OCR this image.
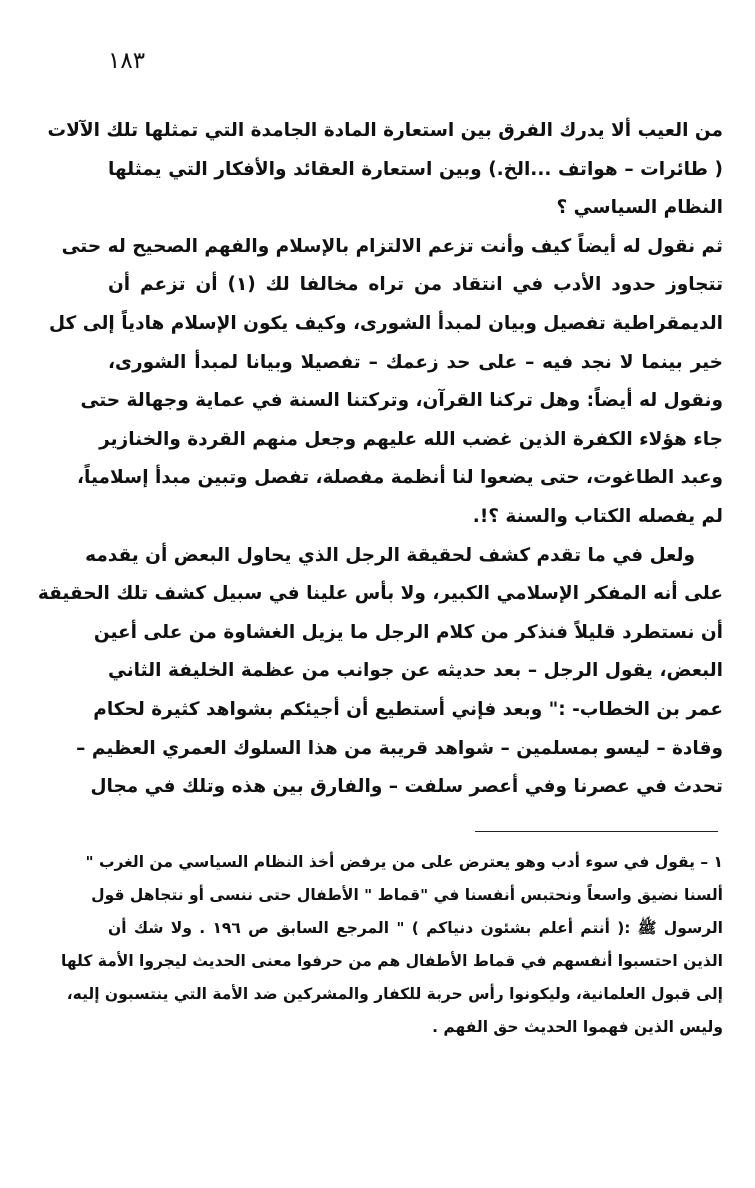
١٨٣
من العيب ألا يدرك الفرق بين استعارة المادة الجامدة التي تمثلها تلك الآلات
( طائرات – هواتف ...الخ.) وبين استعارة العقائد والأفكار التي يمثلها
النظام السياسي ؟
ثم نقول له أيضاً كيف وأنت تزعم الالتزام بالإسلام والفهم الصحيح له حتى
تتجاوز حدود الأدب في انتقاد من تراه مخالفا لك (١) أن تزعم أن
الديمقراطية تفصيل وبيان لمبدأ الشورى، وكيف يكون الإسلام هادياً إلى كل
خير بينما لا نجد فيه – على حد زعمك – تفصيلا وبيانا لمبدأ الشورى،
ونقول له أيضاً: وهل تركنا القرآن، وتركتنا السنة في عماية وجهالة حتى
جاء هؤلاء الكفرة الذين غضب الله عليهم وجعل منهم القردة والخنازير
وعبد الطاغوت، حتى يضعوا لنا أنظمة مفصلة، تفصل وتبين مبدأ إسلامياً،
لم يفصله الكتاب والسنة ؟!.
ولعل في ما تقدم كشف لحقيقة الرجل الذي يحاول البعض أن يقدمه
على أنه المفكر الإسلامي الكبير، ولا بأس علينا في سبيل كشف تلك الحقيقة
أن نستطرد قليلاً فنذكر من كلام الرجل ما يزيل الغشاوة من على أعين
البعض، يقول الرجل – بعد حديثه عن جوانب من عظمة الخليفة الثاني
عمر بن الخطاب- :" وبعد فإني أستطيع أن أجيئكم بشواهد كثيرة لحكام
وقادة – ليسو بمسلمين – شواهد قريبة من هذا السلوك العمري العظيم –
تحدث في عصرنا وفي أعصر سلفت – والفارق بين هذه وتلك في مجال
١ – يقول في سوء أدب وهو يعترض على من يرفض أخذ النظام السياسي من الغرب "
ألسنا نضيق واسعاً ونحتبس أنفسنا في "قماط " الأطفال حتى ننسى أو نتجاهل قول
الرسول ﷺ :( أنتم أعلم بشئون دنياكم ) " المرجع السابق ص ١٩٦ . ولا شك أن
الذين احتسبوا أنفسهم في قماط الأطفال هم من حرفوا معنى الحديث ليجروا الأمة كلها
إلى قبول العلمانية، وليكونوا رأس حربة للكفار والمشركين ضد الأمة التي ينتسبون إليه،
وليس الذين فهموا الحديث حق الفهم .
